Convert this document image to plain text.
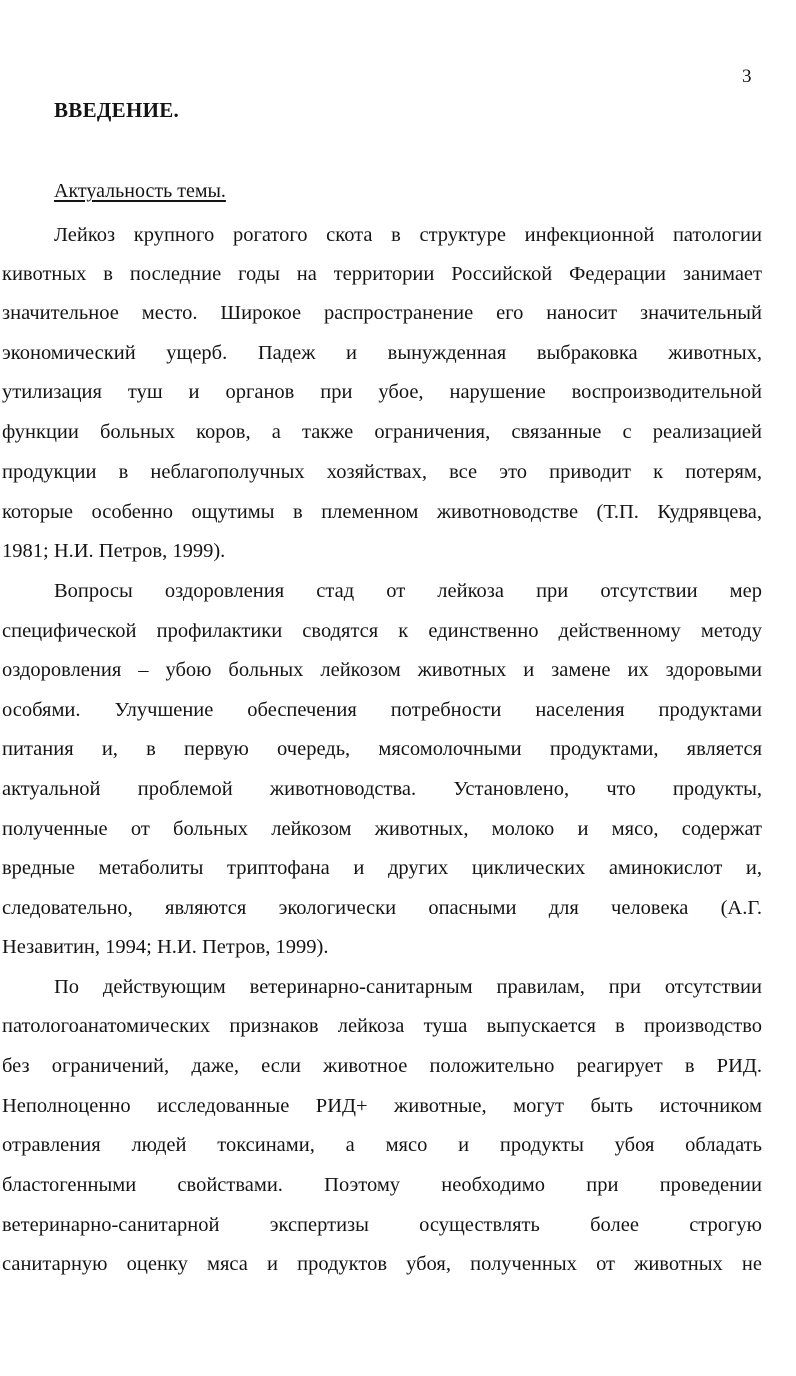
3
ВВЕДЕНИЕ.
Актуальность темы.
Лейкоз крупного рогатого скота в структуре инфекционной патологии
кивотных в последние годы на территории Российской Федерации занимает
значительное место. Широкое распространение его наносит значительный
экономический ущерб. Падеж и вынужденная выбраковка животных,
утилизация туш и органов при убое, нарушение воспроизводительной
функции больных коров, а также ограничения, связанные с реализацией
продукции в неблагополучных хозяйствах, все это приводит к потерям,
которые особенно ощутимы в племенном животноводстве (Т.П. Кудрявцева,
1981; Н.И. Петров, 1999).
Вопросы оздоровления стад от лейкоза при отсутствии мер
специфической профилактики сводятся к единственно действенному методу
оздоровления – убою больных лейкозом животных и замене их здоровыми
особями. Улучшение обеспечения потребности населения продуктами
питания и, в первую очередь, мясомолочными продуктами, является
актуальной проблемой животноводства. Установлено, что продукты,
полученные от больных лейкозом животных, молоко и мясо, содержат
вредные метаболиты триптофана и других циклических аминокислот и,
следовательно, являются экологически опасными для человека (А.Г.
Незавитин, 1994; Н.И. Петров, 1999).
По действующим ветеринарно-санитарным правилам, при отсутствии
патологоанатомических признаков лейкоза туша выпускается в производство
без ограничений, даже, если животное положительно реагирует в РИД.
Неполноценно исследованные РИД+ животные, могут быть источником
отравления людей токсинами, а мясо и продукты убоя обладать
бластогенными свойствами. Поэтому необходимо при проведении
ветеринарно-санитарной экспертизы осуществлять более строгую
санитарную оценку мяса и продуктов убоя, полученных от животных не
